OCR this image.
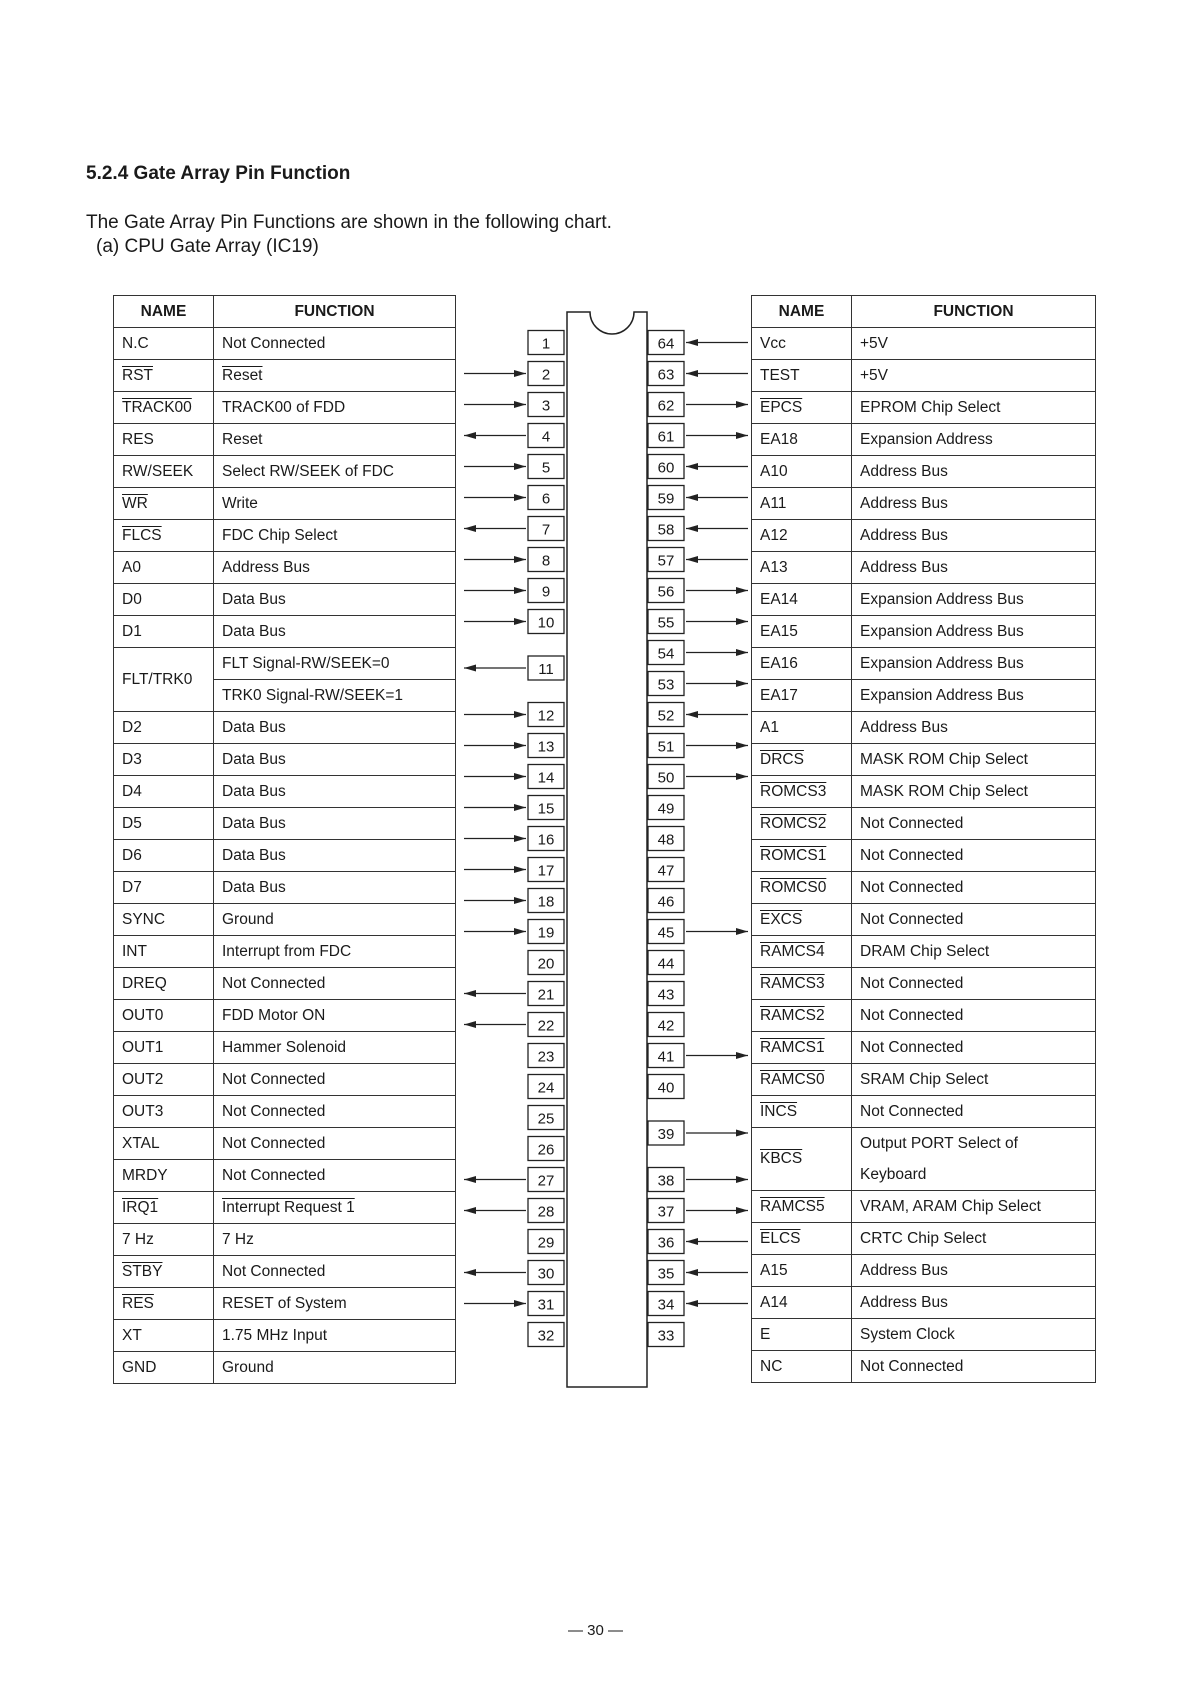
5.2.4 Gate Array Pin Function
The Gate Array Pin Functions are shown in the following chart.
(a) CPU Gate Array (IC19)
NAME	FUNCTION
N.C	Not Connected
$\overline{RST}$	Reset
TRACK00	TRACK00 of FDD
RES	Reset
RW/SEEK	Select RW/SEEK of FDC
$\overline{WR}$	Write
FLCS	FDC Chip Select
A0	Address Bus
D0	Data Bus
D1	Data Bus
FLT/TRK0	FLT Signal-RW/SEEK=0
	TRK0 Signal-RW/SEEK=1
D2	Data Bus
D3	Data Bus
D4	Data Bus
D5	Data Bus
D6	Data Bus
D7	Data Bus
SYNC	Ground
INT	Interrupt from FDC
DREQ	Not Connected
OUT0	FDD Motor ON
OUT1	Hammer Solenoid
OUT2	Not Connected
OUT3	Not Connected
XTAL	Not Connected
MRDY	Not Connected
IRQ1	Interrupt Request 1
7 Hz	7 Hz
STBY	Not Connected
$\overline{RES}$	RESET of System
XT	1.75 MHz Input
GND	Ground
NAME	FUNCTION
Vcc	+5V
TEST	+5V
EPCS	EPROM Chip Select
EA18	Expansion Address
A10	Address Bus
A11	Address Bus
A12	Address Bus
A13	Address Bus
EA14	Expansion Address Bus
EA15	Expansion Address Bus
EA16	Expansion Address Bus
EA17	Expansion Address Bus
A1	Address Bus
DRCS	MASK ROM Chip Select
ROMCS3	MASK ROM Chip Select
ROMCS2	Not Connected
ROMCS1	Not Connected
ROMCS0	Not Connected
EXCS	Not Connected
RAMCS4	DRAM Chip Select
RAMCS3	Not Connected
RAMCS2	Not Connected
RAMCS1	Not Connected
RAMCS0	SRAM Chip Select
INCS	Not Connected
KBCS	Output PORT Select of
Keyboard
RAMCS5	VRAM, ARAM Chip Select
ELCS	CRTC Chip Select
A15	Address Bus
A14	Address Bus
E	System Clock
NC	Not Connected
1
2
3
4
5
6
7
8
9
10
11
12
13
14
15
16
17
18
19
20
21
22
23
24
25
26
27
28
29
30
31
32
64
63
62
61
60
59
58
57
56
55
54
53
52
51
50
49
48
47
46
45
44
43
42
41
40
39
38
37
36
35
34
33
— 30 —
